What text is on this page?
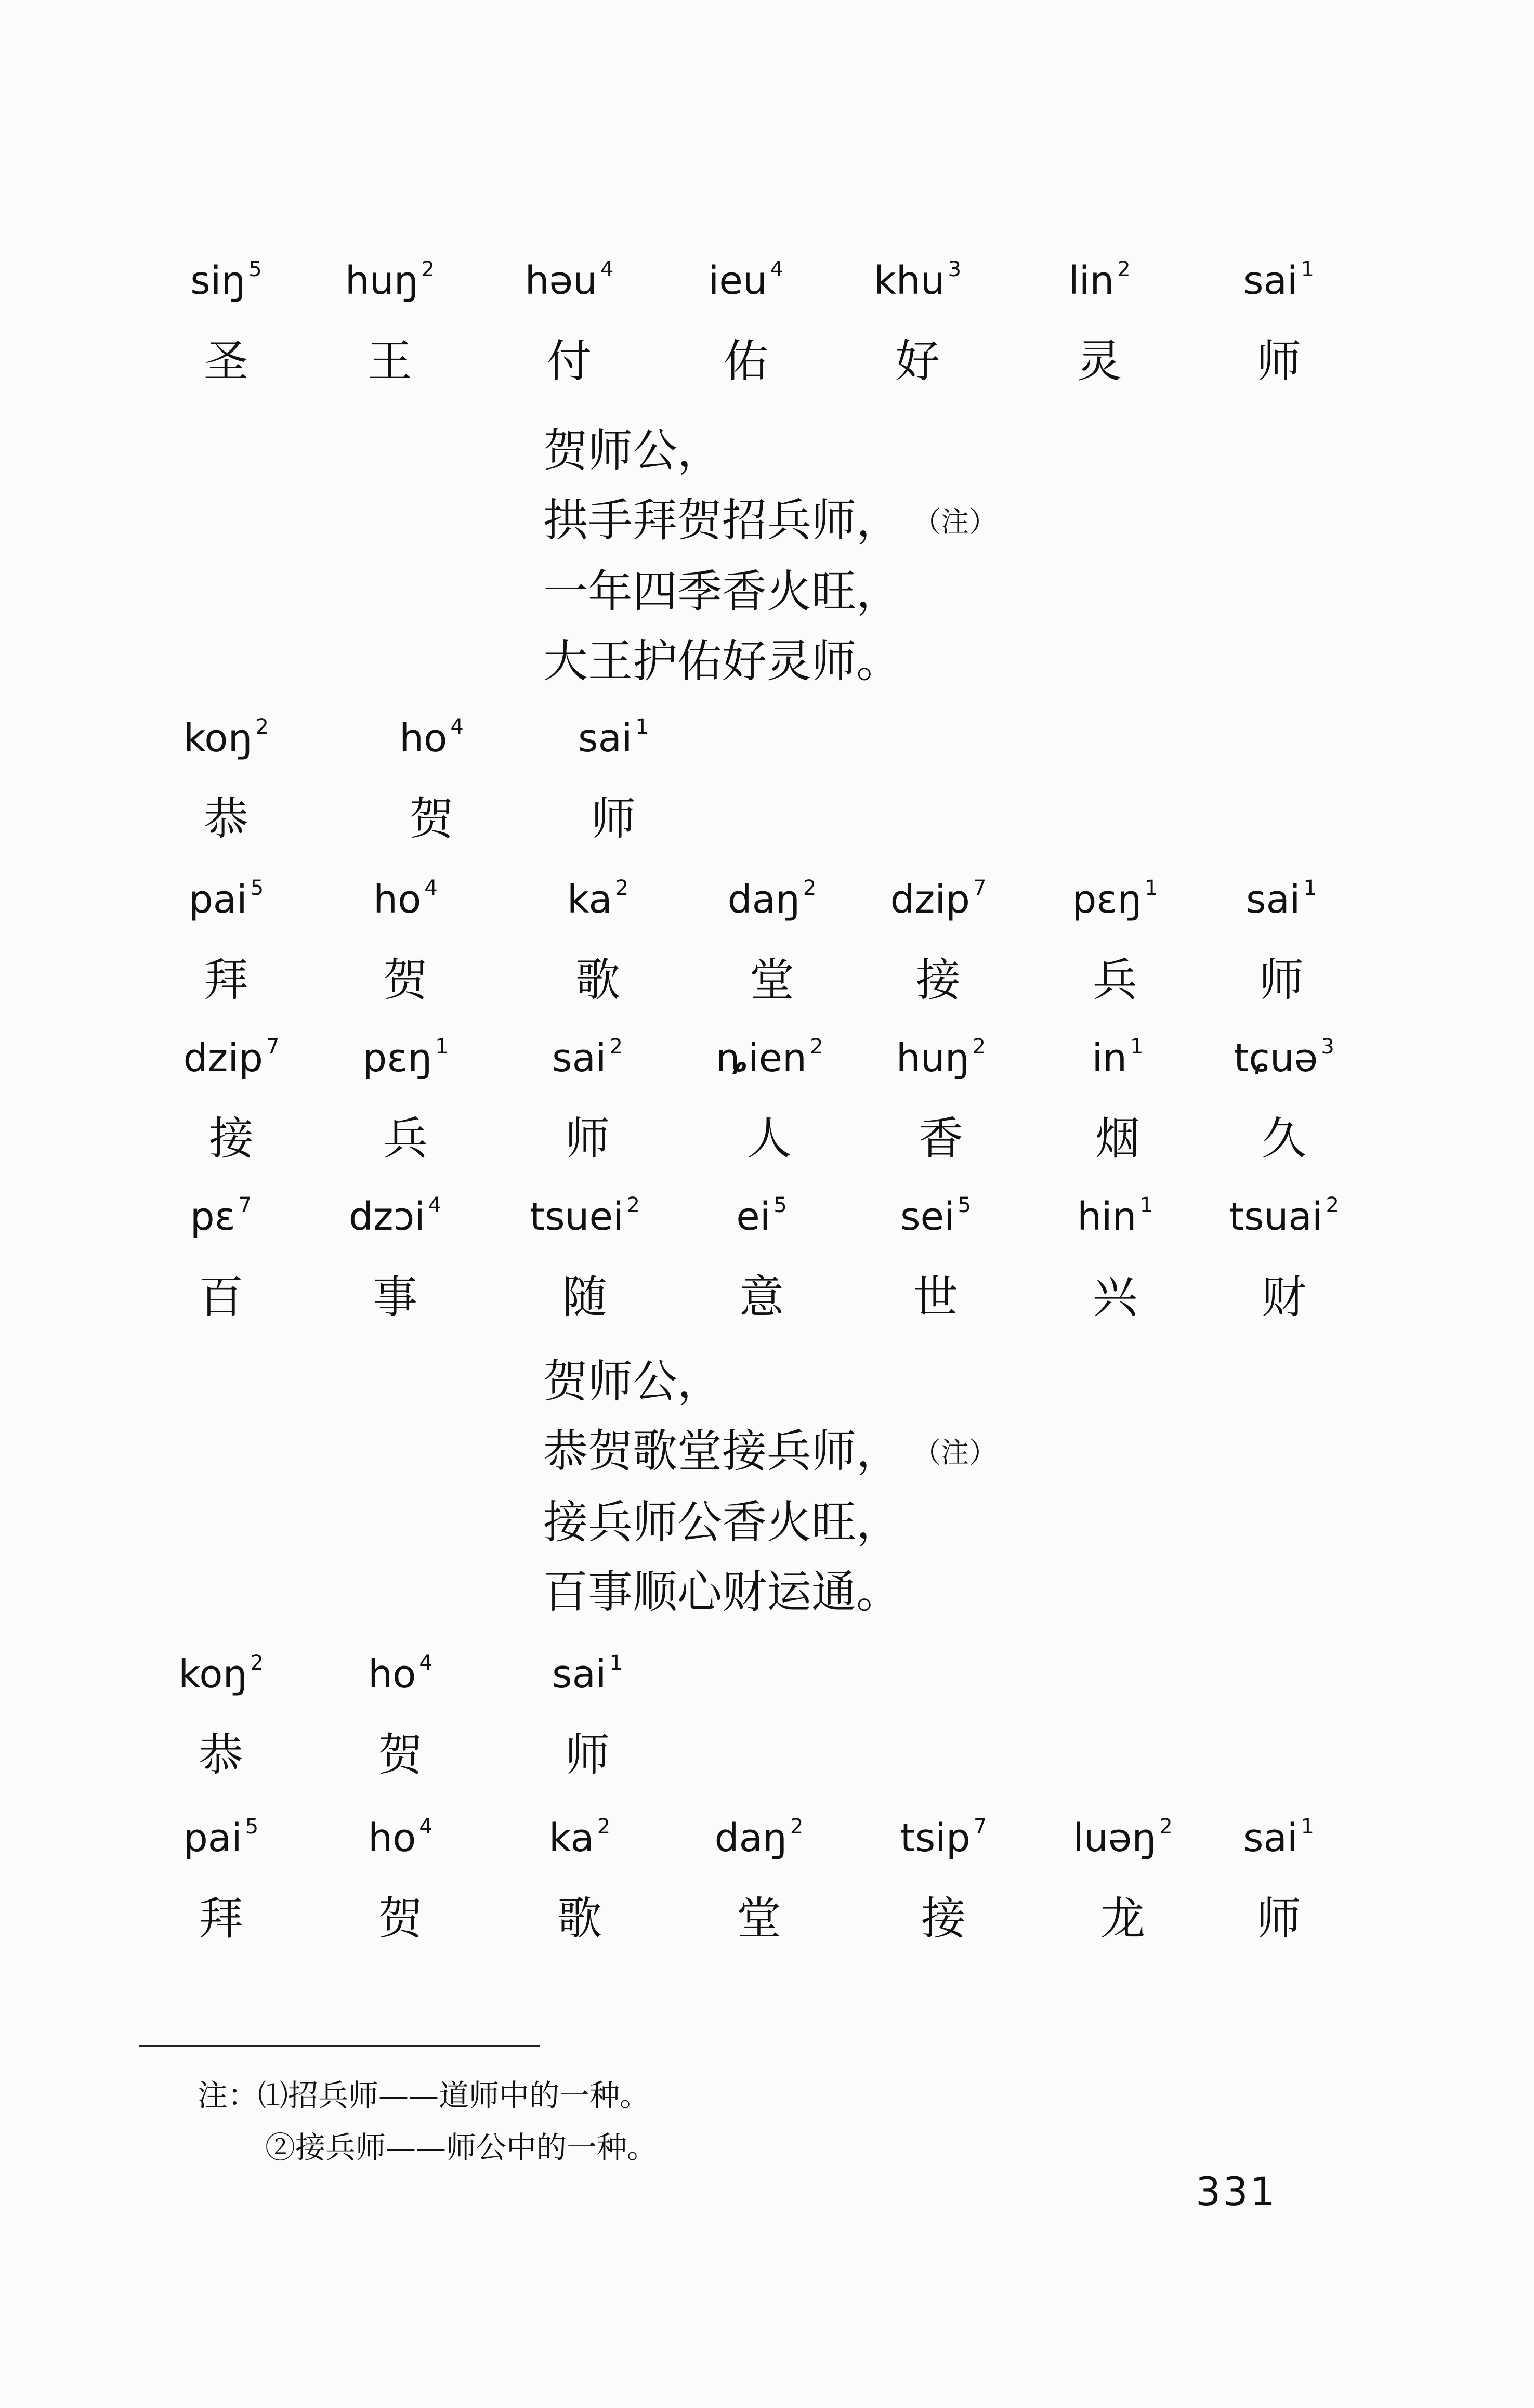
siŋ $^5$
圣
huŋ $^2$
王
həu $^4$
付
ieu $^4$
佑
khu $^3$
好
lin $^2$
灵
sai $^1$
师
贺师公，
拱手拜贺招兵师， （注）
一年四季香火旺，
大王护佑好灵师。
koŋ $^2$
恭
ho $^4$
贺
sai $^1$
师
pai $^5$
拜
ho $^4$
贺
ka $^2$
歌
daŋ $^2$
堂
dzip $^7$
接
pɛŋ $^1$
兵
sai $^1$
师
dzip $^7$
接
pɛŋ $^1$
兵
sai $^2$
师
ȵien $^2$
人
huŋ $^2$
香
in $^1$
烟
tɕuə $^3$
久
pɛ $^7$
百
dzɔi $^4$
事
tsuei $^2$
随
ei $^5$
意
sei $^5$
世
hin $^1$
兴
tsuai $^2$
财
贺师公，
恭贺歌堂接兵师， （注）
接兵师公香火旺，
百事顺心财运通。
koŋ $^2$
恭
ho $^4$
贺
sai $^1$
师
pai $^5$
拜
ho $^4$
贺
ka $^2$
歌
daŋ $^2$
堂
tsip $^7$
接
luəŋ $^2$
龙
sai $^1$
师
注：⑴招兵师——道师中的一种。
②接兵师——师公中的一种。
331
